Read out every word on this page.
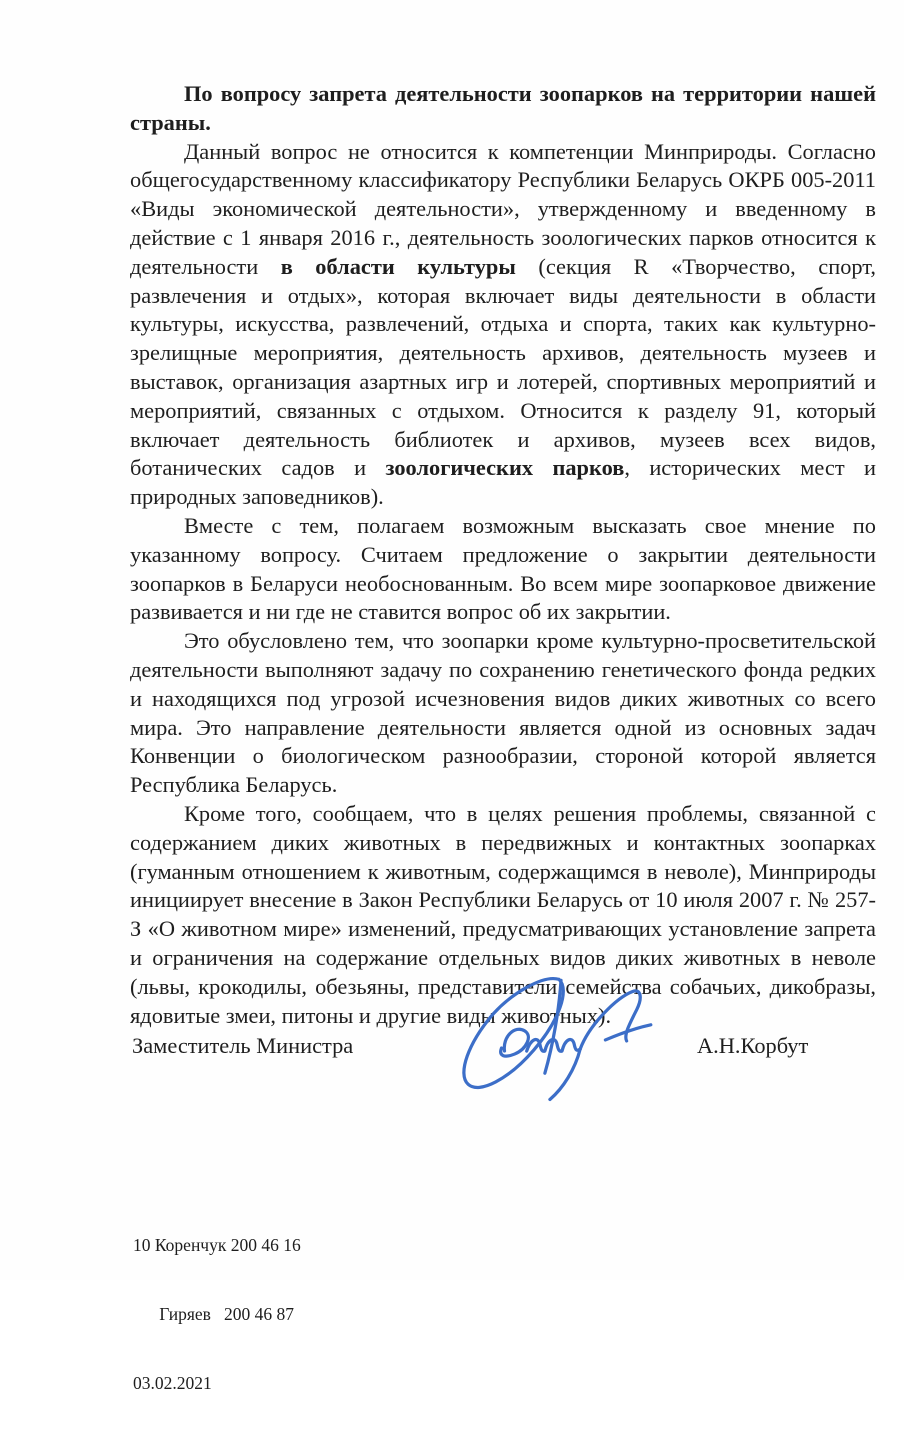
По вопросу запрета деятельности зоопарков на территории нашей страны.

Данный вопрос не относится к компетенции Минприроды. Согласно общегосударственному классификатору Республики Беларусь ОКРБ 005-2011 «Виды экономической деятельности», утвержденному и введенному в действие с 1 января 2016 г., деятельность зоологических парков относится к деятельности в области культуры (секция R «Творчество, спорт, развлечения и отдых», которая включает виды деятельности в области культуры, искусства, развлечений, отдыха и спорта, таких как культурно-зрелищные мероприятия, деятельность архивов, деятельность музеев и выставок, организация азартных игр и лотерей, спортивных мероприятий и мероприятий, связанных с отдыхом. Относится к разделу 91, который включает деятельность библиотек и архивов, музеев всех видов, ботанических садов и зоологических парков, исторических мест и природных заповедников).

Вместе с тем, полагаем возможным высказать свое мнение по указанному вопросу. Считаем предложение о закрытии деятельности зоопарков в Беларуси необоснованным. Во всем мире зоопарковое движение развивается и ни где не ставится вопрос об их закрытии.

Это обусловлено тем, что зоопарки кроме культурно-просветительской деятельности выполняют задачу по сохранению генетического фонда редких и находящихся под угрозой исчезновения видов диких животных со всего мира. Это направление деятельности является одной из основных задач Конвенции о биологическом разнообразии, стороной которой является Республика Беларусь.

Кроме того, сообщаем, что в целях решения проблемы, связанной с содержанием диких животных в передвижных и контактных зоопарках (гуманным отношением к животным, содержащимся в неволе), Минприроды инициирует внесение в Закон Республики Беларусь от 10 июля 2007 г. № 257-З «О животном мире» изменений, предусматривающих установление запрета и ограничения на содержание отдельных видов диких животных в неволе (львы, крокодилы, обезьяны, представители семейства собачьих, дикобразы, ядовитые змеи, питоны и другие виды животных).

Заместитель Министра	А.Н.Корбут

10 Коренчук 200 46 16

Гиряев   200 46 87

03.02.2021
